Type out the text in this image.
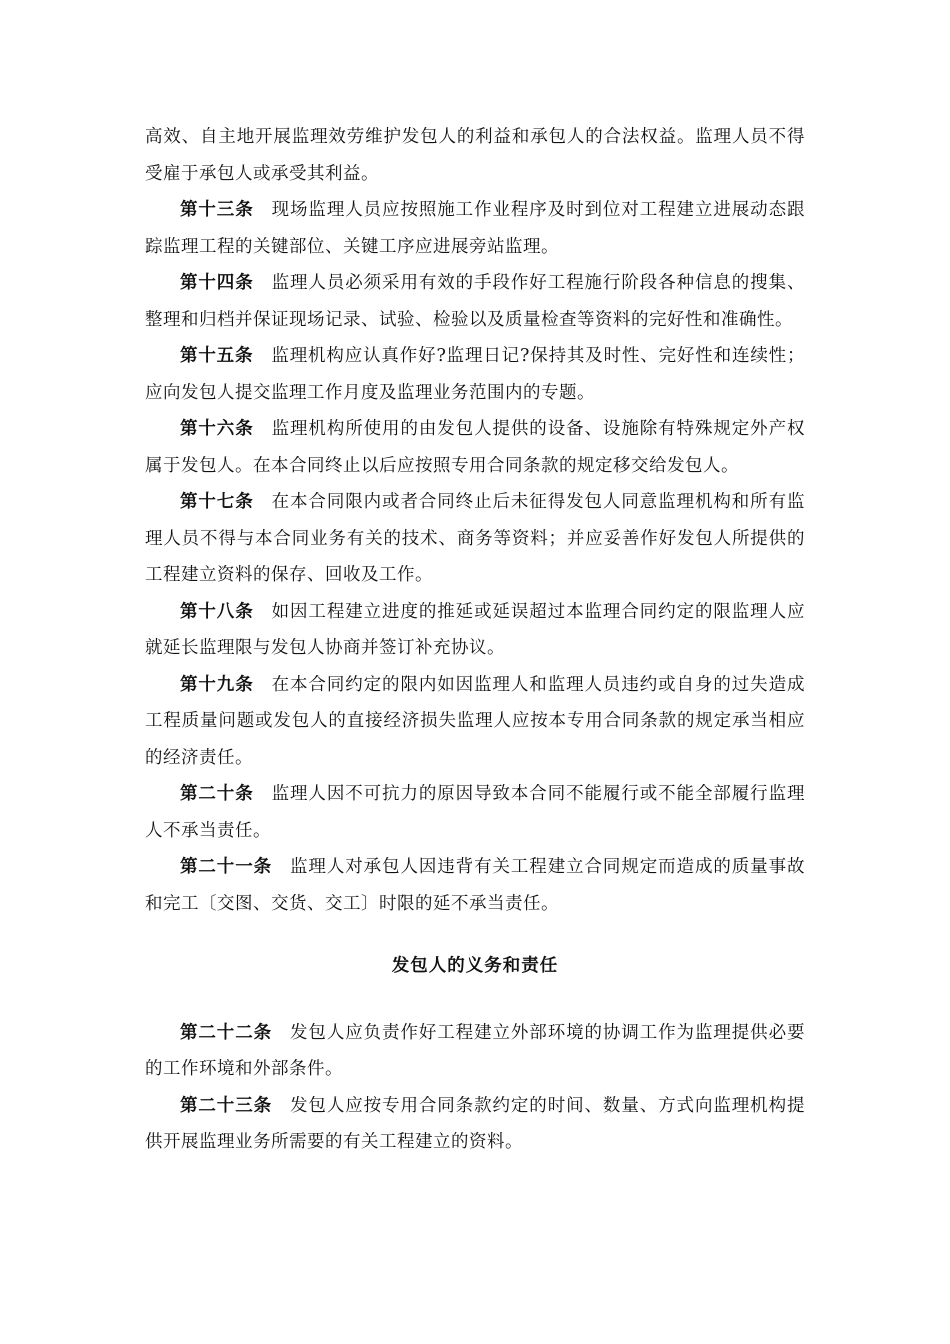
高效、自主地开展监理效劳维护发包人的利益和承包人的合法权益。监理人员不得受雇于承包人或承受其利益。

第十三条 现场监理人员应按照施工作业程序及时到位对工程建立进展动态跟踪监理工程的关键部位、关键工序应进展旁站监理。

第十四条 监理人员必须采用有效的手段作好工程施行阶段各种信息的搜集、整理和归档并保证现场记录、试验、检验以及质量检查等资料的完好性和准确性。

第十五条 监理机构应认真作好?监理日记?保持其及时性、完好性和连续性；应向发包人提交监理工作月度及监理业务范围内的专题。

第十六条 监理机构所使用的由发包人提供的设备、设施除有特殊规定外产权属于发包人。在本合同终止以后应按照专用合同条款的规定移交给发包人。

第十七条 在本合同限内或者合同终止后未征得发包人同意监理机构和所有监理人员不得与本合同业务有关的技术、商务等资料；并应妥善作好发包人所提供的工程建立资料的保存、回收及工作。

第十八条 如因工程建立进度的推延或延误超过本监理合同约定的限监理人应就延长监理限与发包人协商并签订补充协议。

第十九条 在本合同约定的限内如因监理人和监理人员违约或自身的过失造成工程质量问题或发包人的直接经济损失监理人应按本专用合同条款的规定承当相应的经济责任。

第二十条 监理人因不可抗力的原因导致本合同不能履行或不能全部履行监理人不承当责任。

第二十一条 监理人对承包人因违背有关工程建立合同规定而造成的质量事故和完工〔交图、交货、交工〕时限的延不承当责任。

发包人的义务和责任

第二十二条 发包人应负责作好工程建立外部环境的协调工作为监理提供必要的工作环境和外部条件。

第二十三条 发包人应按专用合同条款约定的时间、数量、方式向监理机构提供开展监理业务所需要的有关工程建立的资料。
